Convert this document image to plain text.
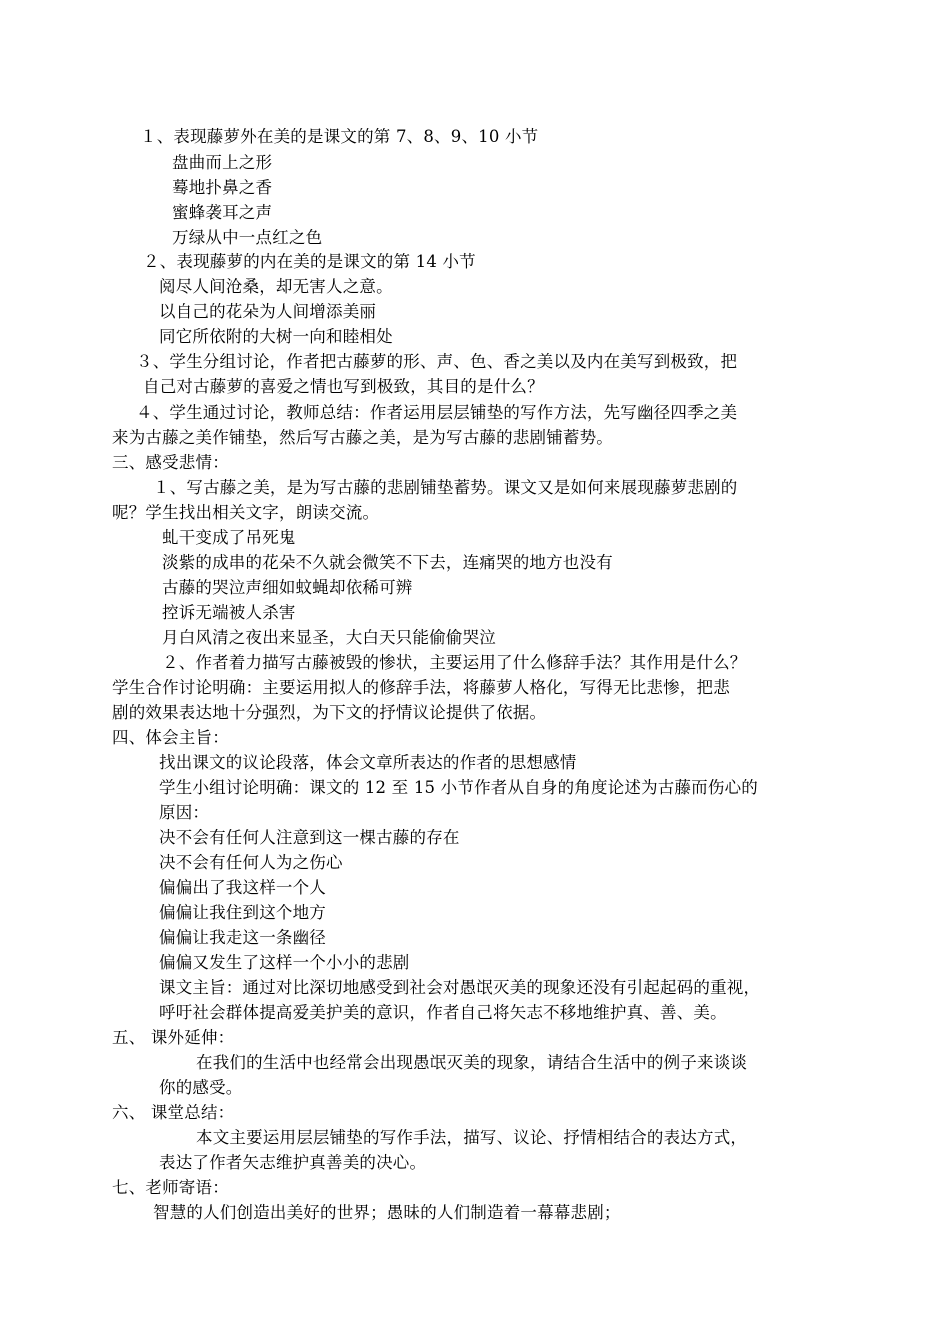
１、表现藤萝外在美的是课文的第 7、8、9、10 小节
盘曲而上之形
蓦地扑鼻之香
蜜蜂袭耳之声
万绿从中一点红之色
２、表现藤萝的内在美的是课文的第 14 小节
阅尽人间沧桑，却无害人之意。
以自己的花朵为人间增添美丽
同它所依附的大树一向和睦相处
３、学生分组讨论，作者把古藤萝的形、声、色、香之美以及内在美写到极致，把
自己对古藤萝的喜爱之情也写到极致，其目的是什么？
４、学生通过讨论，教师总结：作者运用层层铺垫的写作方法，先写幽径四季之美
来为古藤之美作铺垫，然后写古藤之美，是为写古藤的悲剧铺蓄势。
三、感受悲情：
１、写古藤之美，是为写古藤的悲剧铺垫蓄势。课文又是如何来展现藤萝悲剧的
呢？学生找出相关文字，朗读交流。
虬干变成了吊死鬼
淡紫的成串的花朵不久就会微笑不下去，连痛哭的地方也没有
古藤的哭泣声细如蚊蝇却依稀可辨
控诉无端被人杀害
月白风清之夜出来显圣，大白天只能偷偷哭泣
２、作者着力描写古藤被毁的惨状，主要运用了什么修辞手法？其作用是什么？
学生合作讨论明确：主要运用拟人的修辞手法，将藤萝人格化，写得无比悲惨，把悲
剧的效果表达地十分强烈，为下文的抒情议论提供了依据。
四、体会主旨：
找出课文的议论段落，体会文章所表达的作者的思想感情
学生小组讨论明确：课文的 12 至 15 小节作者从自身的角度论述为古藤而伤心的
原因：
决不会有任何人注意到这一棵古藤的存在
决不会有任何人为之伤心
偏偏出了我这样一个人
偏偏让我住到这个地方
偏偏让我走这一条幽径
偏偏又发生了这样一个小小的悲剧
课文主旨：通过对比深切地感受到社会对愚氓灭美的现象还没有引起起码的重视，
呼吁社会群体提高爱美护美的意识，作者自己将矢志不移地维护真、善、美。
五、 课外延伸：
在我们的生活中也经常会出现愚氓灭美的现象，请结合生活中的例子来谈谈
你的感受。
六、 课堂总结：
本文主要运用层层铺垫的写作手法，描写、议论、抒情相结合的表达方式，
表达了作者矢志维护真善美的决心。
七、老师寄语：
智慧的人们创造出美好的世界；愚昧的人们制造着一幕幕悲剧；
